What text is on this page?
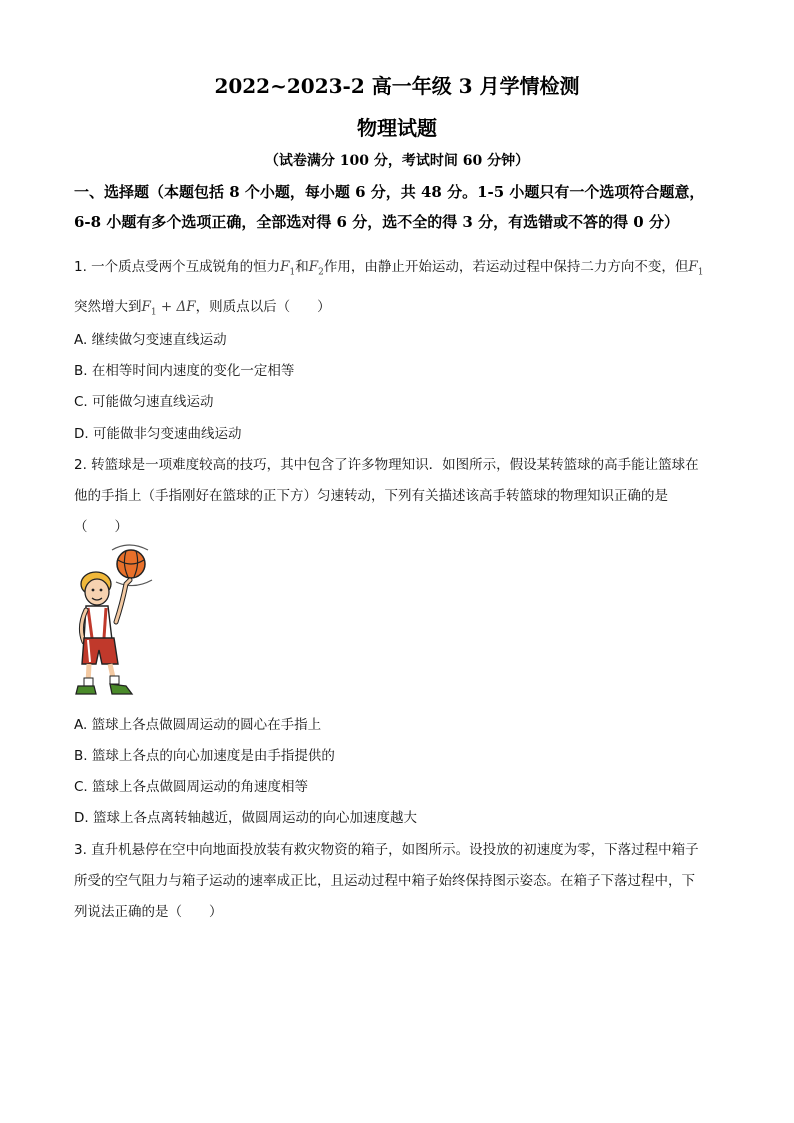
2022~2023-2 高一年级 3 月学情检测
物理试题
（试卷满分 100 分，考试时间 60 分钟）
一、选择题（本题包括 8 个小题，每小题 6 分，共 48 分。1-5 小题只有一个选项符合题意，
6-8 小题有多个选项正确，全部选对得 6 分，选不全的得 3 分，有选错或不答的得 0 分）
1. 一个质点受两个互成锐角的恒力$F_1$和$F_2$作用，由静止开始运动，若运动过程中保持二力方向不变，但$F_1$
突然增大到$F_1 + \Delta F$，则质点以后（　　）
A. 继续做匀变速直线运动
B. 在相等时间内速度的变化一定相等
C. 可能做匀速直线运动
D. 可能做非匀变速曲线运动
2. 转篮球是一项难度较高的技巧，其中包含了许多物理知识．如图所示，假设某转篮球的高手能让篮球在
他的手指上（手指刚好在篮球的正下方）匀速转动，下列有关描述该高手转篮球的物理知识正确的是
（　　）
A. 篮球上各点做圆周运动的圆心在手指上
B. 篮球上各点的向心加速度是由手指提供的
C. 篮球上各点做圆周运动的角速度相等
D. 篮球上各点离转轴越近，做圆周运动的向心加速度越大
3. 直升机悬停在空中向地面投放装有救灾物资的箱子，如图所示。设投放的初速度为零，下落过程中箱子
所受的空气阻力与箱子运动的速率成正比，且运动过程中箱子始终保持图示姿态。在箱子下落过程中，下
列说法正确的是（　　）
